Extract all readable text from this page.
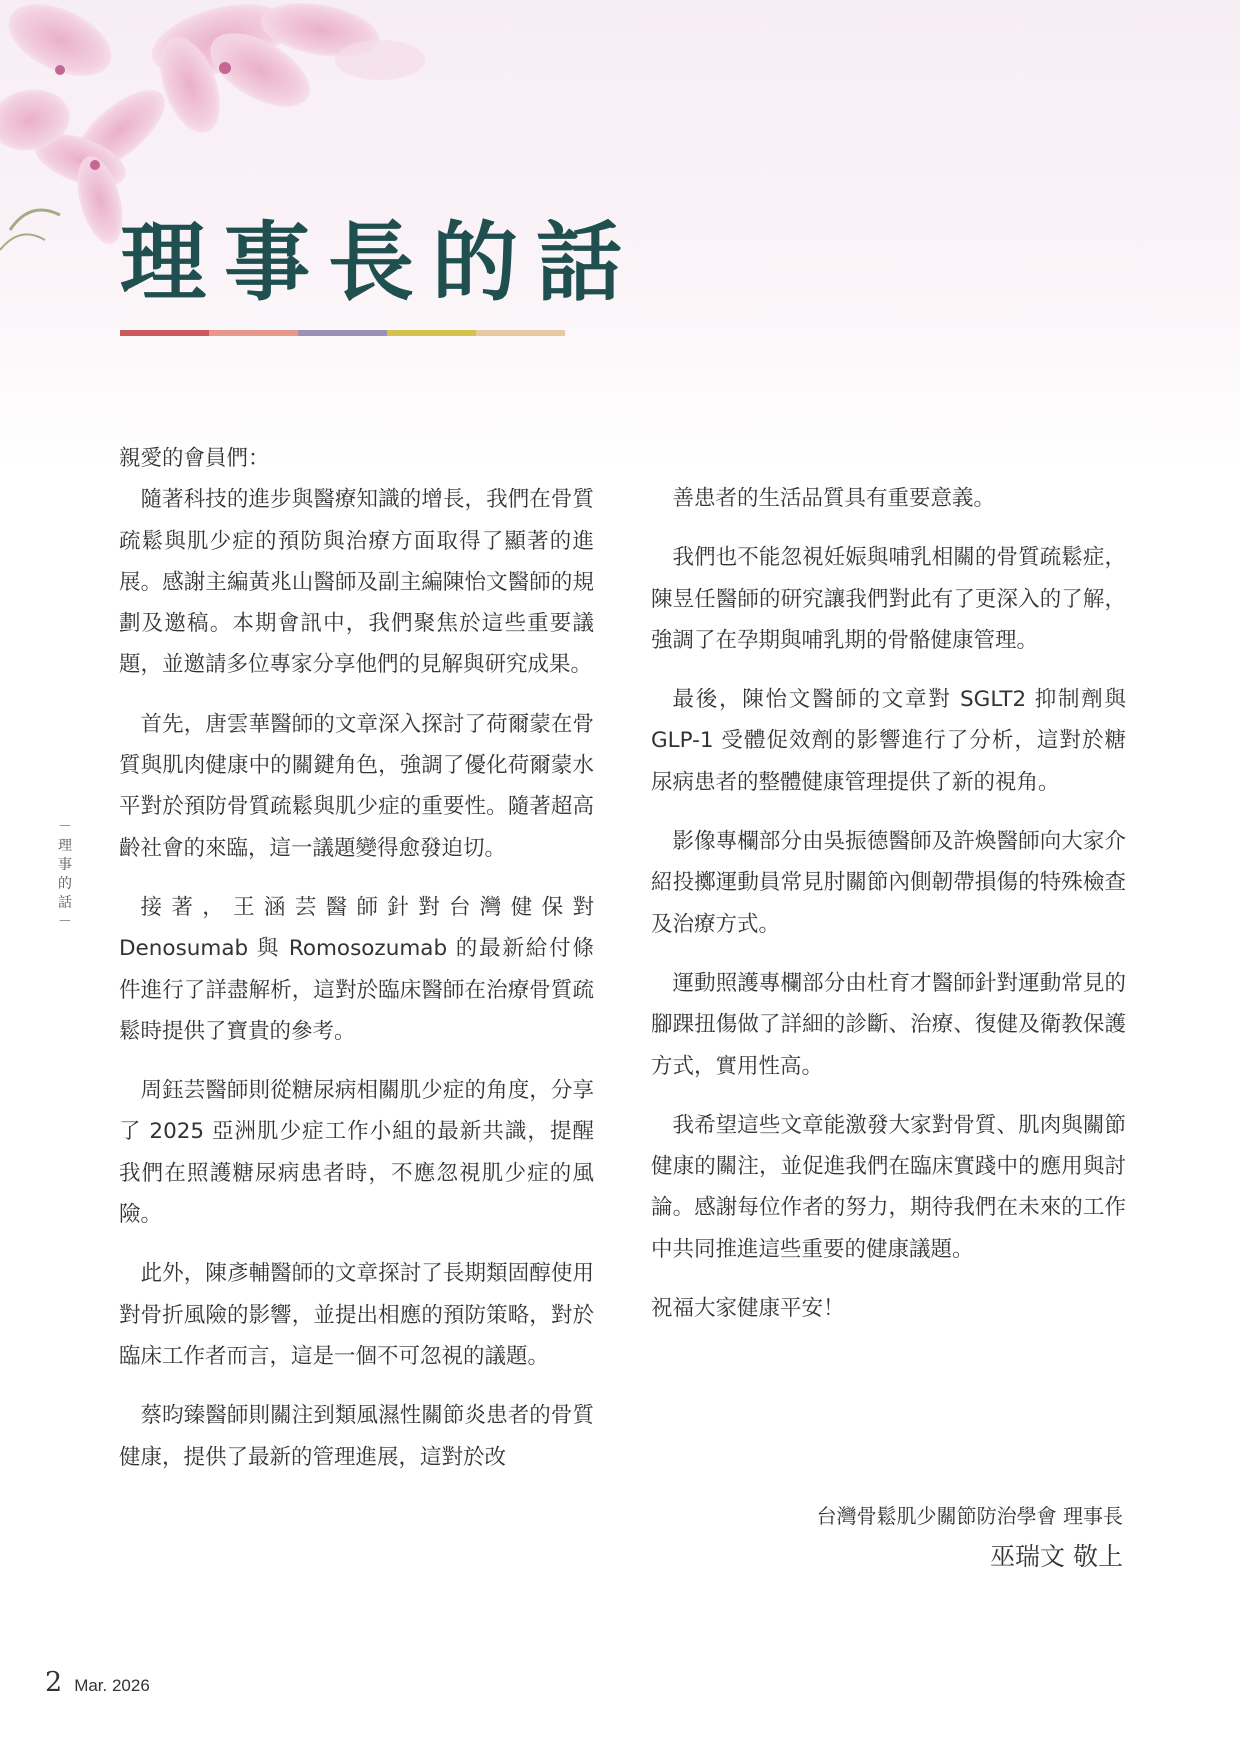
理事長的話
－理事的話－

親愛的會員們：

隨著科技的進步與醫療知識的增長，我們在骨質疏鬆與肌少症的預防與治療方面取得了顯著的進展。感謝主編黃兆山醫師及副主編陳怡文醫師的規劃及邀稿。本期會訊中，我們聚焦於這些重要議題，並邀請多位專家分享他們的見解與研究成果。

首先，唐雲華醫師的文章深入探討了荷爾蒙在骨質與肌肉健康中的關鍵角色，強調了優化荷爾蒙水平對於預防骨質疏鬆與肌少症的重要性。隨著超高齡社會的來臨，這一議題變得愈發迫切。

接著，王涵芸醫師針對台灣健保對 Denosumab 與 Romosozumab 的最新給付條件進行了詳盡解析，這對於臨床醫師在治療骨質疏鬆時提供了寶貴的參考。

周鈺芸醫師則從糖尿病相關肌少症的角度，分享了 2025 亞洲肌少症工作小組的最新共識，提醒我們在照護糖尿病患者時，不應忽視肌少症的風險。

此外，陳彥輔醫師的文章探討了長期類固醇使用對骨折風險的影響，並提出相應的預防策略，對於臨床工作者而言，這是一個不可忽視的議題。

蔡昀臻醫師則關注到類風濕性關節炎患者的骨質健康，提供了最新的管理進展，這對於改

善患者的生活品質具有重要意義。

我們也不能忽視妊娠與哺乳相關的骨質疏鬆症，陳昱任醫師的研究讓我們對此有了更深入的了解，強調了在孕期與哺乳期的骨骼健康管理。

最後，陳怡文醫師的文章對 SGLT2 抑制劑與 GLP-1 受體促效劑的影響進行了分析，這對於糖尿病患者的整體健康管理提供了新的視角。

影像專欄部分由吳振德醫師及許煥醫師向大家介紹投擲運動員常見肘關節內側韌帶損傷的特殊檢查及治療方式。

運動照護專欄部分由杜育才醫師針對運動常見的腳踝扭傷做了詳細的診斷、治療、復健及衛教保護方式，實用性高。

我希望這些文章能激發大家對骨質、肌肉與關節健康的關注，並促進我們在臨床實踐中的應用與討論。感謝每位作者的努力，期待我們在未來的工作中共同推進這些重要的健康議題。

祝福大家健康平安！

台灣骨鬆肌少關節防治學會 理事長
巫瑞文 敬上
2 Mar. 2026
